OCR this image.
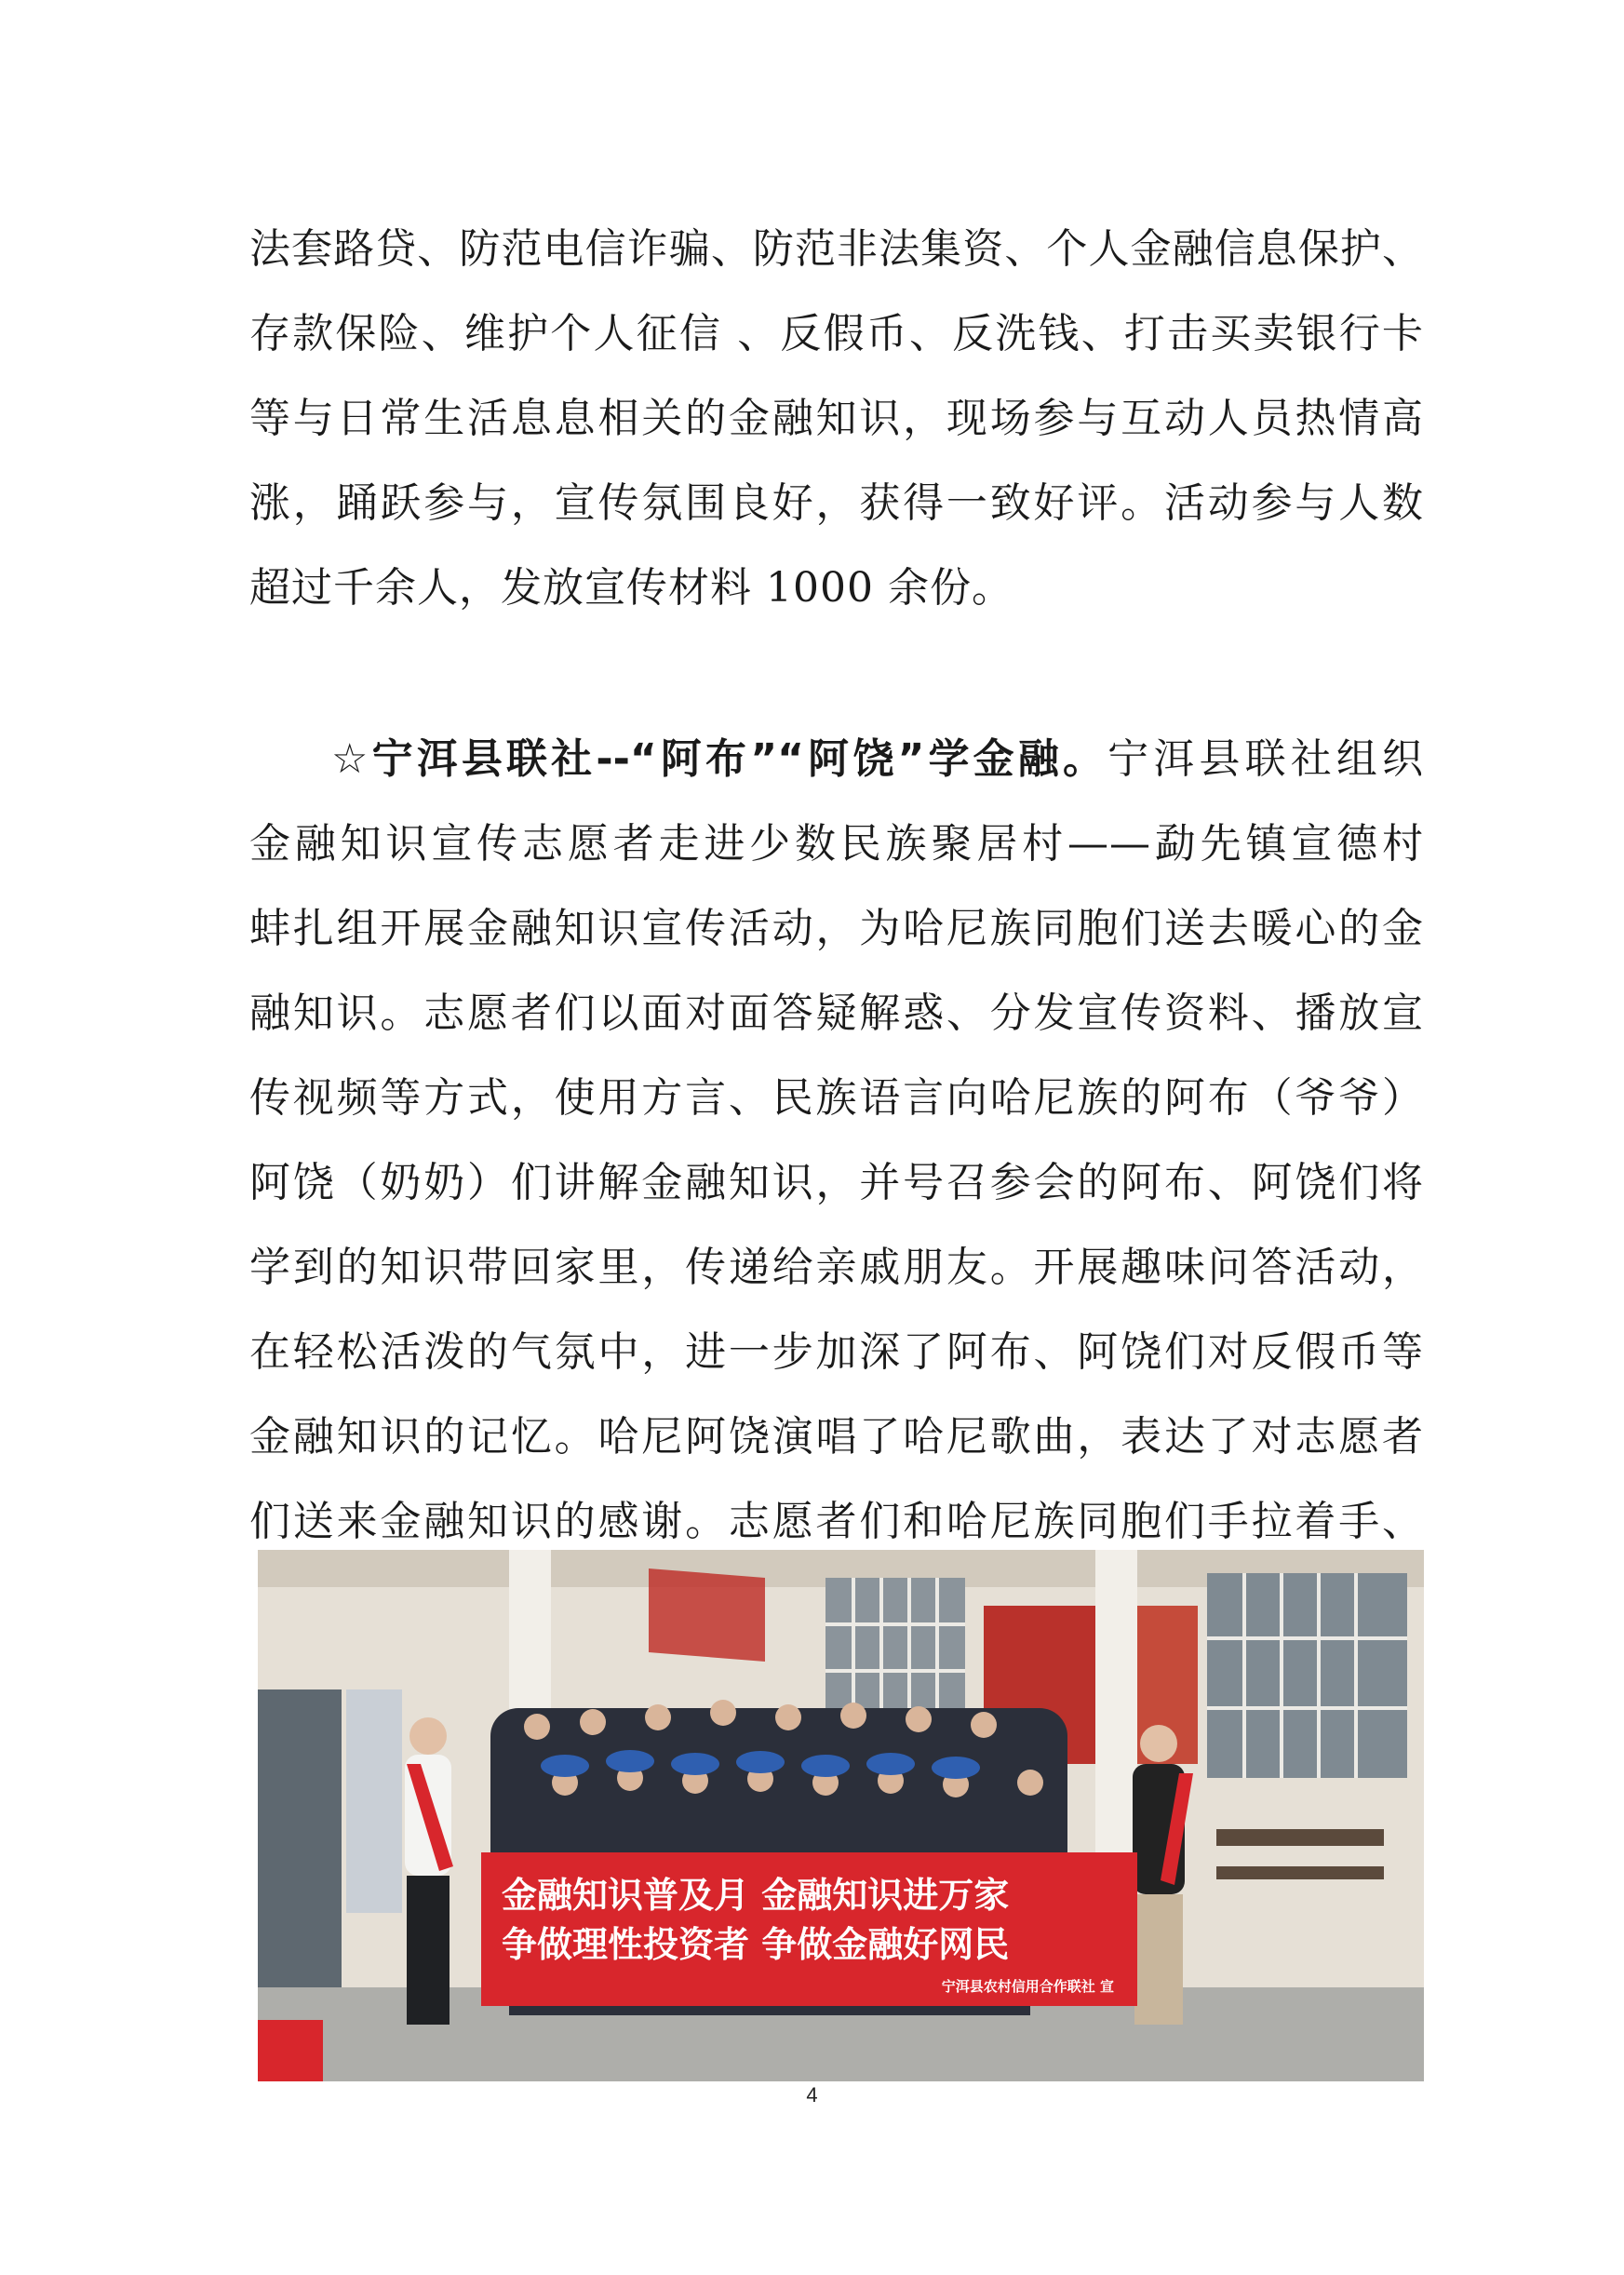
法套路贷、防范电信诈骗、防范非法集资、个人金融信息保护、
存款保险、维护个人征信 、反假币、反洗钱、打击买卖银行卡
等与日常生活息息相关的金融知识，现场参与互动人员热情高
涨，踊跃参与，宣传氛围良好，获得一致好评。活动参与人数
超过千余人，发放宣传材料 1000 余份。
☆宁洱县联社--“阿布”“阿饶”学金融。宁洱县联社组织
金融知识宣传志愿者走进少数民族聚居村——勐先镇宣德村
蚌扎组开展金融知识宣传活动，为哈尼族同胞们送去暖心的金
融知识。志愿者们以面对面答疑解惑、分发宣传资料、播放宣
传视频等方式，使用方言、民族语言向哈尼族的阿布（爷爷）
阿饶（奶奶）们讲解金融知识，并号召参会的阿布、阿饶们将
学到的知识带回家里，传递给亲戚朋友。开展趣味问答活动，
在轻松活泼的气氛中，进一步加深了阿布、阿饶们对反假币等
金融知识的记忆。哈尼阿饶演唱了哈尼歌曲，表达了对志愿者
们送来金融知识的感谢。志愿者们和哈尼族同胞们手拉着手、
金融知识普及月 金融知识进万家
争做理性投资者 争做金融好网民
宁洱县农村信用合作联社 宣
4
